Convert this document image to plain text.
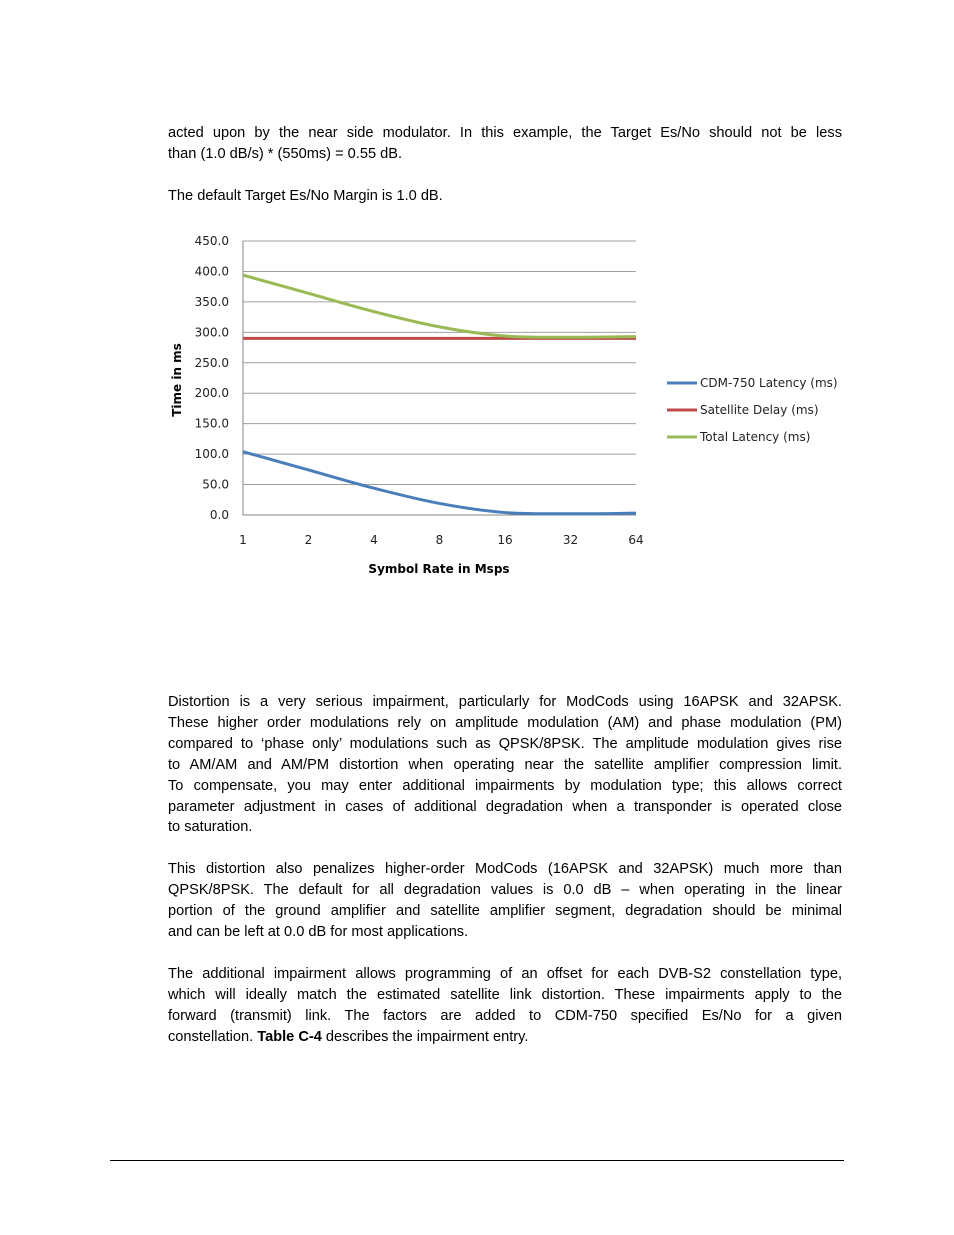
acted upon by the near side modulator. In this example, the Target Es/No should not be less
than (1.0 dB/s) * (550ms) = 0.55 dB.
The default Target Es/No Margin is 1.0 dB.
0.0
50.0
100.0
150.0
200.0
250.0
300.0
350.0
400.0
450.0
1	2	4	8	16	32	64
CDM-750 Latency (ms)
Satellite Delay (ms)
Total Latency (ms)
Time in ms
Symbol Rate in Msps
Distortion is a very serious impairment, particularly for ModCods using 16APSK and 32APSK.
These higher order modulations rely on amplitude modulation (AM) and phase modulation (PM)
compared to ‘phase only’ modulations such as QPSK/8PSK. The amplitude modulation gives rise
to AM/AM and AM/PM distortion when operating near the satellite amplifier compression limit.
To compensate, you may enter additional impairments by modulation type; this allows correct
parameter adjustment in cases of additional degradation when a transponder is operated close
to saturation.
This distortion also penalizes higher-order ModCods (16APSK and 32APSK) much more than
QPSK/8PSK. The default for all degradation values is 0.0 dB – when operating in the linear
portion of the ground amplifier and satellite amplifier segment, degradation should be minimal
and can be left at 0.0 dB for most applications.
The additional impairment allows programming of an offset for each DVB-S2 constellation type,
which will ideally match the estimated satellite link distortion. These impairments apply to the
forward (transmit) link. The factors are added to CDM-750 specified Es/No for a given
constellation. Table C-4 describes the impairment entry.
